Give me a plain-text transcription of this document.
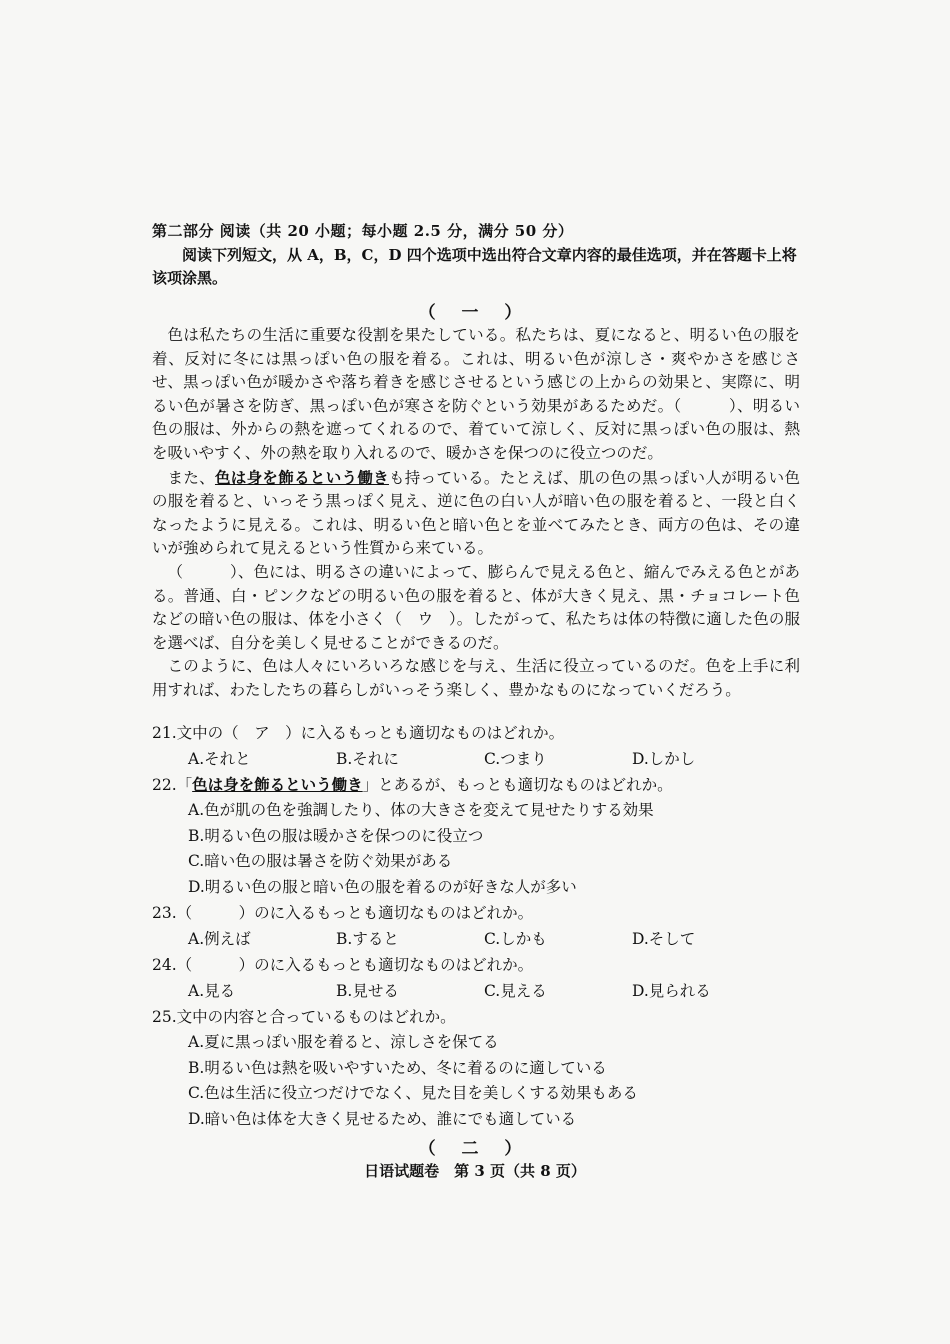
第二部分 阅读（共 20 小题；每小题 2.5 分，满分 50 分）
阅读下列短文，从 A，B，C，D 四个选项中选出符合文章内容的最佳选项，并在答题卡上将该项涂黑。
（ 一 ）

色は私たちの生活に重要な役割を果たしている。私たちは、夏になると、明るい色の服を着、反対に冬には黒っぽい色の服を着る。これは、明るい色が涼しさ・爽やかさを感じさせ、黒っぽい色が暖かさや落ち着きを感じさせるという感じの上からの効果と、実際に、明るい色が暑さを防ぎ、黒っぽい色が寒さを防ぐという効果があるためだ。（　　　）、明るい色の服は、外からの熱を遮ってくれるので、着ていて涼しく、反対に黒っぽい色の服は、熱を吸いやすく、外の熱を取り入れるので、暖かさを保つのに役立つのだ。

また、色は身を飾るという働きも持っている。たとえば、肌の色の黒っぽい人が明るい色の服を着ると、いっそう黒っぽく見え、逆に色の白い人が暗い色の服を着ると、一段と白くなったように見える。これは、明るい色と暗い色とを並べてみたとき、両方の色は、その違いが強められて見えるという性質から来ている。

（　　　）、色には、明るさの違いによって、膨らんで見える色と、縮んでみえる色とがある。普通、白・ピンクなどの明るい色の服を着ると、体が大きく見え、黒・チョコレート色などの暗い色の服は、体を小さく（　ウ　）。したがって、私たちは体の特徴に適した色の服を選べば、自分を美しく見せることができるのだ。

このように、色は人々にいろいろな感じを与え、生活に役立っているのだ。色を上手に利用すれば、わたしたちの暮らしがいっそう楽しく、豊かなものになっていくだろう。

21.文中の（　ア　）に入るもっとも適切なものはどれか。
A.それと	B.それに	C.つまり	D.しかし
22.「色は身を飾るという働き」とあるが、もっとも適切なものはどれか。
A.色が肌の色を強調したり、体の大きさを変えて見せたりする効果
B.明るい色の服は暖かさを保つのに役立つ
C.暗い色の服は暑さを防ぐ効果がある
D.明るい色の服と暗い色の服を着るのが好きな人が多い
23.（　　　）のに入るもっとも適切なものはどれか。
A.例えば	B.すると	C.しかも	D.そして
24.（　　　）のに入るもっとも適切なものはどれか。
A.見る	B.見せる	C.見える	D.見られる
25.文中の内容と合っているものはどれか。
A.夏に黒っぽい服を着ると、涼しさを保てる
B.明るい色は熱を吸いやすいため、冬に着るのに適している
C.色は生活に役立つだけでなく、見た目を美しくする効果もある
D.暗い色は体を大きく見せるため、誰にでも適している
（ 二 ）
日语试题卷　第 3 页（共 8 页）
